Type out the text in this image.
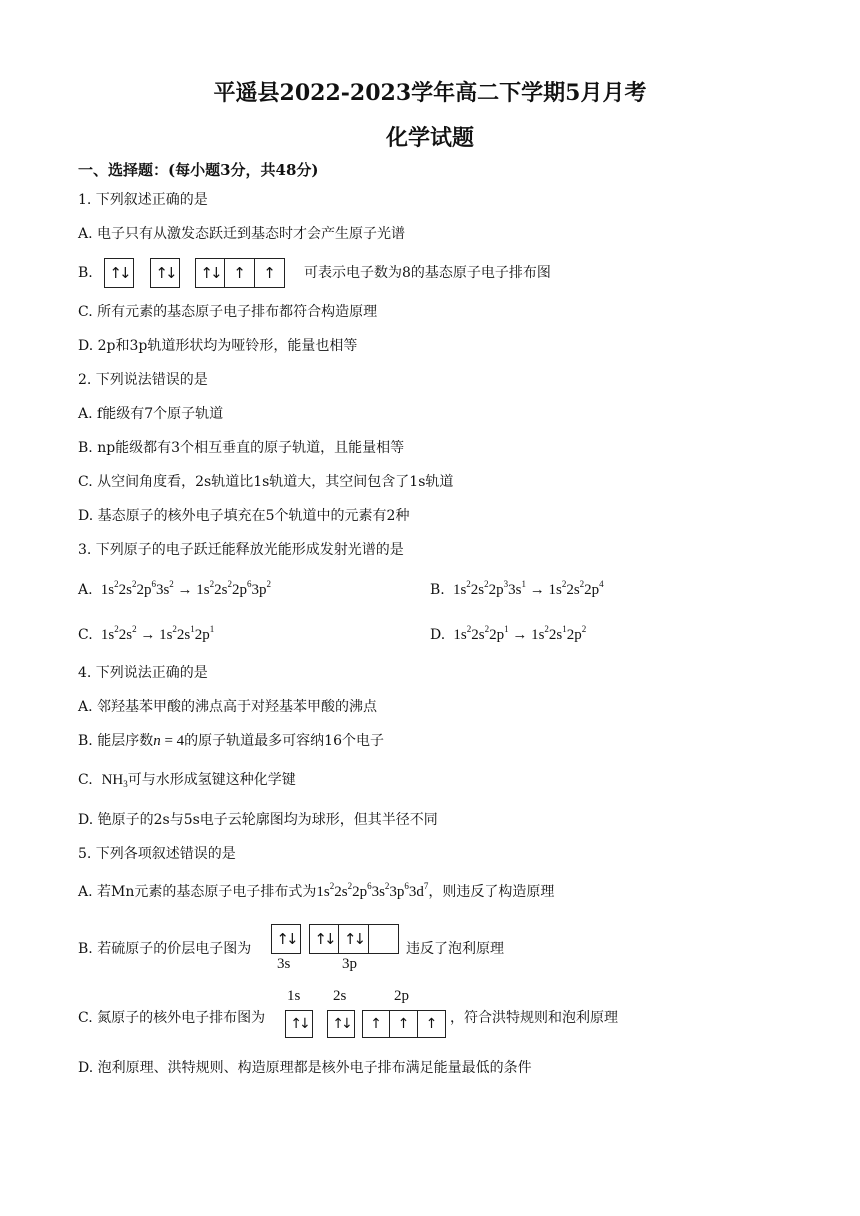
平遥县2022-2023学年高二下学期5月月考
化学试题
一、选择题：(每小题3分，共48分)
1. 下列叙述正确的是
A. 电子只有从激发态跃迁到基态时才会产生原子光谱
B.	↑↓	↑↓	↑↓ ↑	↑	可表示电子数为8的基态原子电子排布图
C. 所有元素的基态原子电子排布都符合构造原理
D. 2p和3p轨道形状均为哑铃形，能量也相等
2. 下列说法错误的是
A. f能级有7个原子轨道
B. np能级都有3个相互垂直的原子轨道，且能量相等
C. 从空间角度看，2s轨道比1s轨道大，其空间包含了1s轨道
D. 基态原子的核外电子填充在5个轨道中的元素有2种
3. 下列原子的电子跃迁能释放光能形成发射光谱的是
A.  $1s^22s^22p^63s^2 \to 1s^22s^22p^63p^2$	B.  $1s^22s^22p^33s^1 \to 1s^22s^22p^4$
C.  $1s^22s^2 \to 1s^22s^12p^1$	D.  $1s^22s^22p^1 \to 1s^22s^12p^2$
4. 下列说法正确的是
A. 邻羟基苯甲酸的沸点高于对羟基苯甲酸的沸点
B. 能层序数n = 4的原子轨道最多可容纳16个电子
C.  $NH_3$可与水形成氢键这种化学键
D. 铯原子的2s与5s电子云轮廓图均为球形，但其半径不同
5. 下列各项叙述错误的是
A. 若Mn元素的基态原子电子排布式为$1s^22s^22p^63s^23p^63d^7$，则违反了构造原理
B. 若硫原子的价层电子图为
↑↓	↑↓ ↑↓
3s	3p
违反了泡利原理
C. 氮原子的核外电子排布图为
1s 2s	2p
↑↓	↑↓	↑	↑	↑ ，符合洪特规则和泡利原理
D. 泡利原理、洪特规则、构造原理都是核外电子排布满足能量最低的条件
